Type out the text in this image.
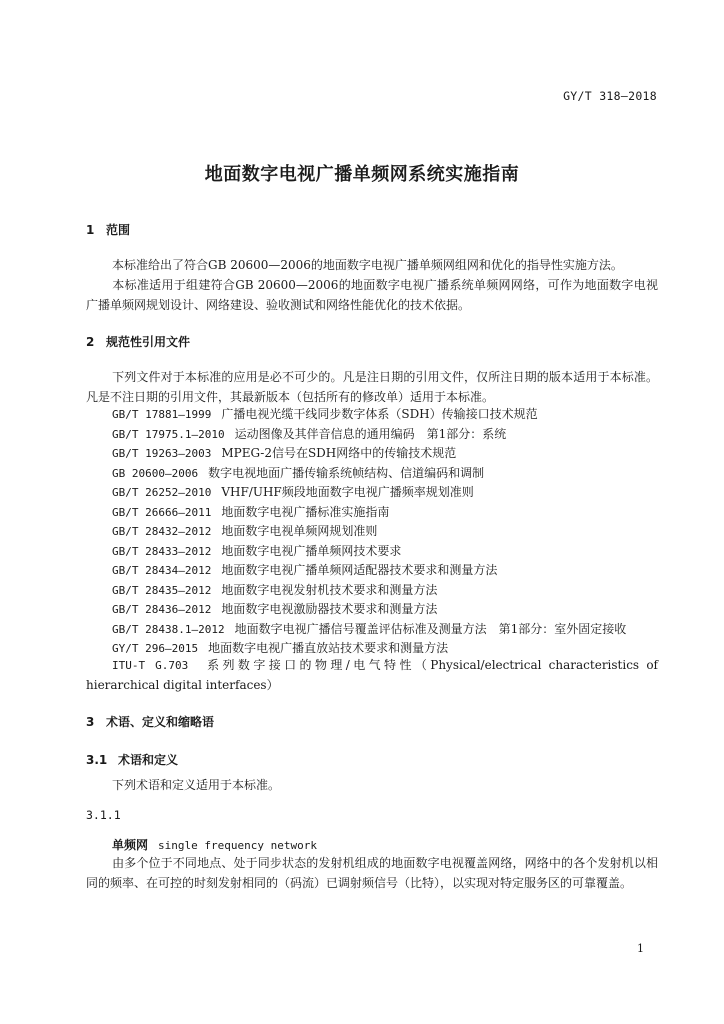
GY/T 318—2018
地面数字电视广播单频网系统实施指南
1 范围
本标准给出了符合GB 20600—2006的地面数字电视广播单频网组网和优化的指导性实施方法。
本标准适用于组建符合GB 20600—2006的地面数字电视广播系统单频网网络，可作为地面数字电视广播单频网规划设计、网络建设、验收测试和网络性能优化的技术依据。
2 规范性引用文件
下列文件对于本标准的应用是必不可少的。凡是注日期的引用文件，仅所注日期的版本适用于本标准。凡是不注日期的引用文件，其最新版本（包括所有的修改单）适用于本标准。
GB/T 17881—1999 广播电视光缆干线同步数字体系（SDH）传输接口技术规范
GB/T 17975.1—2010 运动图像及其伴音信息的通用编码　第1部分：系统
GB/T 19263—2003 MPEG-2信号在SDH网络中的传输技术规范
GB 20600—2006 数字电视地面广播传输系统帧结构、信道编码和调制
GB/T 26252—2010 VHF/UHF频段地面数字电视广播频率规划准则
GB/T 26666—2011 地面数字电视广播标准实施指南
GB/T 28432—2012 地面数字电视单频网规划准则
GB/T 28433—2012 地面数字电视广播单频网技术要求
GB/T 28434—2012 地面数字电视广播单频网适配器技术要求和测量方法
GB/T 28435—2012 地面数字电视发射机技术要求和测量方法
GB/T 28436—2012 地面数字电视激励器技术要求和测量方法
GB/T 28438.1—2012 地面数字电视广播信号覆盖评估标准及测量方法　第1部分：室外固定接收
GY/T 296—2015 地面数字电视广播直放站技术要求和测量方法
ITU-T G.703　 系列数字接口的物理/电气特性（Physical/electrical characteristics of hierarchical digital interfaces）
3 术语、定义和缩略语
3.1 术语和定义
下列术语和定义适用于本标准。
3.1.1
单频网 single frequency network
由多个位于不同地点、处于同步状态的发射机组成的地面数字电视覆盖网络，网络中的各个发射机以相同的频率、在可控的时刻发射相同的（码流）已调射频信号（比特），以实现对特定服务区的可靠覆盖。
1
